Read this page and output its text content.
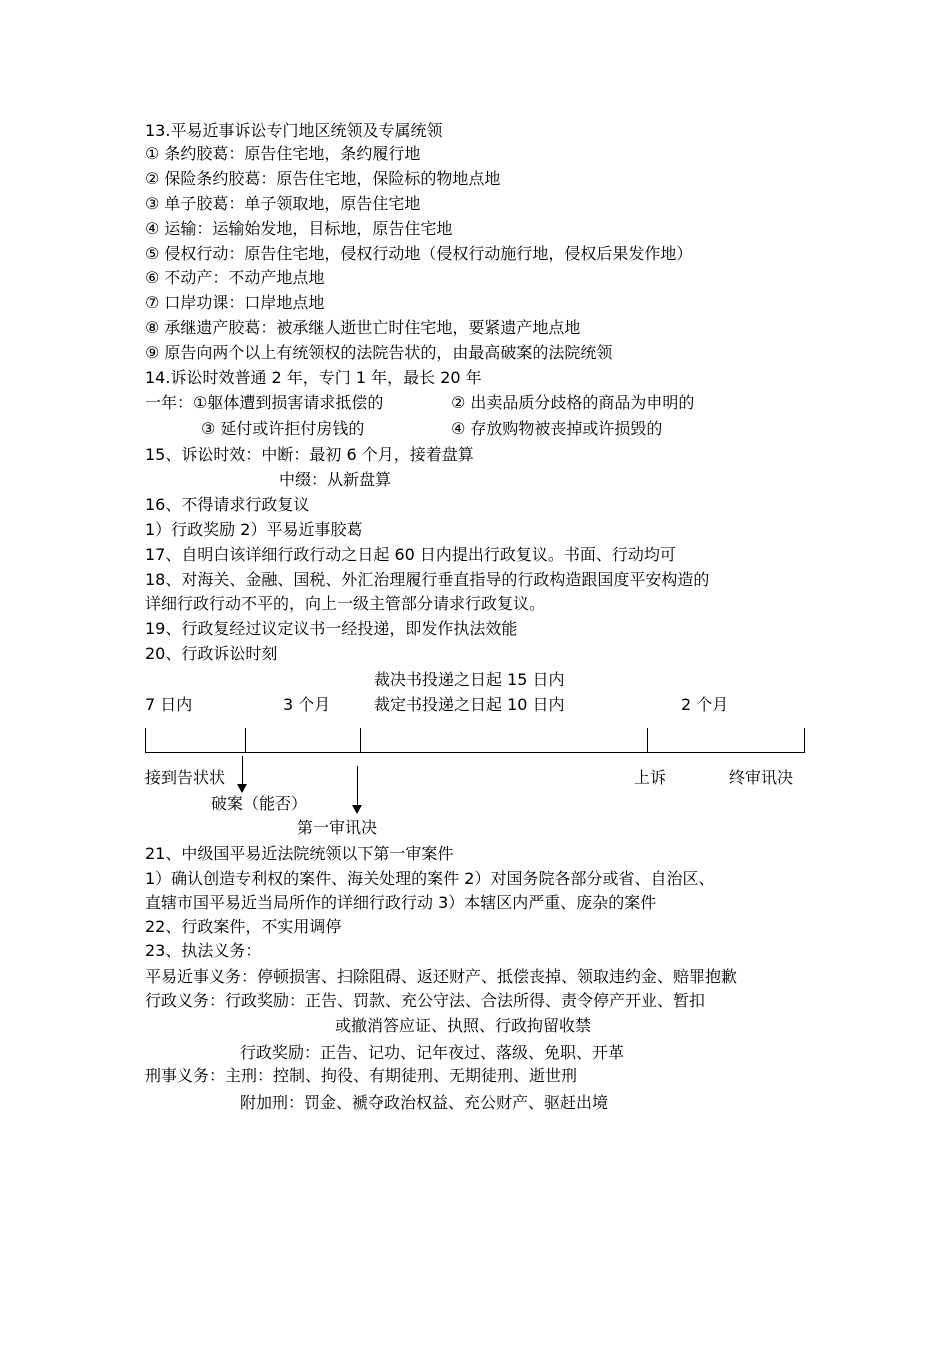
13.平易近事诉讼专门地区统领及专属统领
① 条约胶葛：原告住宅地，条约履行地
② 保险条约胶葛：原告住宅地，保险标的物地点地
③ 单子胶葛：单子领取地，原告住宅地
④ 运输：运输始发地，目标地，原告住宅地
⑤ 侵权行动：原告住宅地，侵权行动地（侵权行动施行地，侵权后果发作地）
⑥ 不动产：不动产地点地
⑦ 口岸功课：口岸地点地
⑧ 承继遗产胶葛：被承继人逝世亡时住宅地，要紧遗产地点地
⑨ 原告向两个以上有统领权的法院告状的，由最高破案的法院统领
14.诉讼时效普通 2 年，专门 1 年，最长 20 年
一年：①躯体遭到损害请求抵偿的	② 出卖品质分歧格的商品为申明的
③ 延付或许拒付房钱的	④ 存放购物被丧掉或许损毁的
15、诉讼时效：中断：最初 6 个月，接着盘算
中缀：从新盘算
16、不得请求行政复议
1）行政奖励 2）平易近事胶葛
17、自明白该详细行政行动之日起 60 日内提出行政复议。书面、行动均可
18、对海关、金融、国税、外汇治理履行垂直指导的行政构造跟国度平安构造的
详细行政行动不平的，向上一级主管部分请求行政复议。
19、行政复经过议定议书一经投递，即发作执法效能
20、行政诉讼时刻
裁决书投递之日起 15 日内
7 日内	3 个月	裁定书投递之日起 10 日内	2 个月
接到告状状	上诉	终审讯决
破案（能否）
第一审讯决
21、中级国平易近法院统领以下第一审案件
1）确认创造专利权的案件、海关处理的案件 2）对国务院各部分或省、自治区、
直辖市国平易近当局所作的详细行政行动 3）本辖区内严重、庞杂的案件
22、行政案件，不实用调停
23、执法义务：
平易近事义务：停顿损害、扫除阻碍、返还财产、抵偿丧掉、领取违约金、赔罪抱歉
行政义务：行政奖励：正告、罚款、充公守法、合法所得、责令停产开业、暂扣
或撤消答应证、执照、行政拘留收禁
行政奖励：正告、记功、记年夜过、落级、免职、开革
刑事义务：主刑：控制、拘役、有期徒刑、无期徒刑、逝世刑
附加刑：罚金、褫夺政治权益、充公财产、驱赶出境
